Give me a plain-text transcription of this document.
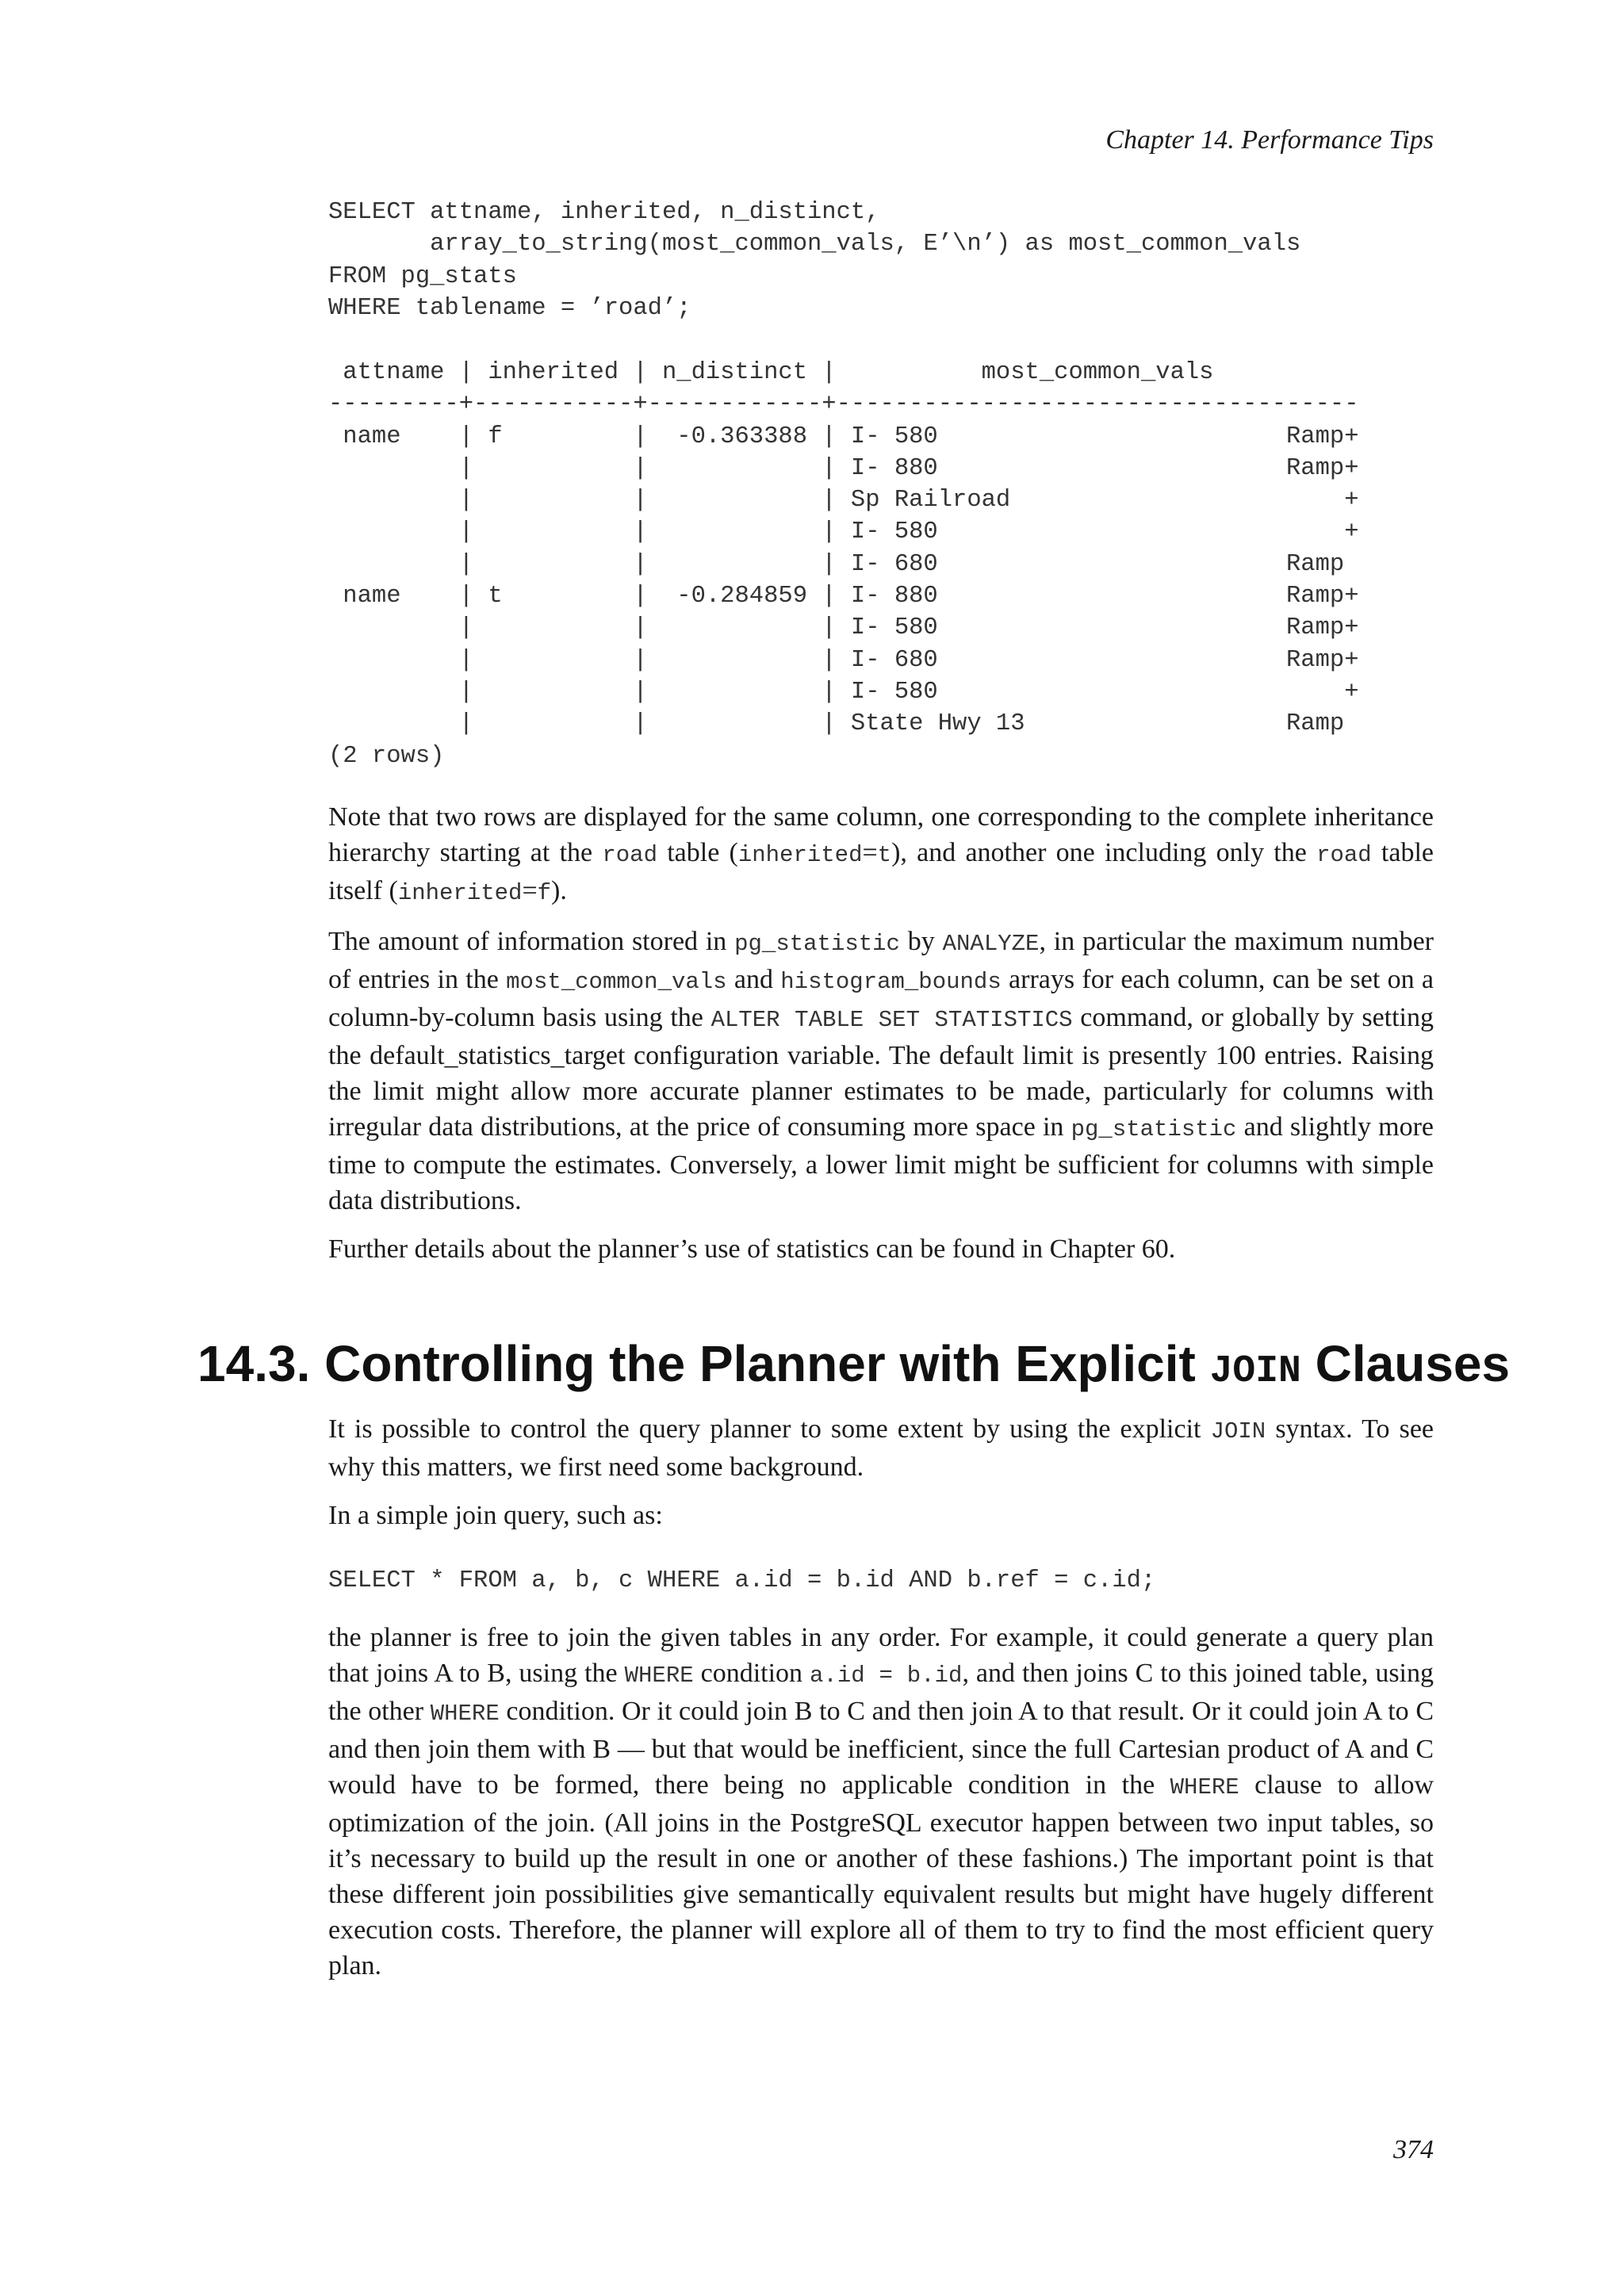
Chapter 14. Performance Tips
SELECT attname, inherited, n_distinct,
array_to_string(most_common_vals, E’\n’) as most_common_vals
FROM pg_stats
WHERE tablename = ’road’;
attname | inherited | n_distinct |          most_common_vals
---------+-----------+------------+------------------------------------
name    | f         |  -0.363388 | I- 580                        Ramp+
|           |            | I- 880                        Ramp+
|           |            | Sp Railroad                       +
|           |            | I- 580                            +
|           |            | I- 680                        Ramp
name    | t         |  -0.284859 | I- 880                        Ramp+
|           |            | I- 580                        Ramp+
|           |            | I- 680                        Ramp+
|           |            | I- 580                            +
|           |            | State Hwy 13                  Ramp
(2 rows)

Note that two rows are displayed for the same column, one corresponding to the complete inheritance hierarchy starting at the road table (inherited=t), and another one including only the road table itself (inherited=f).

The amount of information stored in pg_statistic by ANALYZE, in particular the maximum number of entries in the most_common_vals and histogram_bounds arrays for each column, can be set on a column-by-column basis using the ALTER TABLE SET STATISTICS command, or globally by setting the default_statistics_target configuration variable. The default limit is presently 100 entries. Raising the limit might allow more accurate planner estimates to be made, particularly for columns with irregular data distributions, at the price of consuming more space in pg_statistic and slightly more time to compute the estimates. Conversely, a lower limit might be sufficient for columns with simple data distributions.

Further details about the planner’s use of statistics can be found in Chapter 60.

14.3. Controlling the Planner with Explicit JOIN Clauses

It is possible to control the query planner to some extent by using the explicit JOIN syntax. To see why this matters, we first need some background.

In a simple join query, such as:

SELECT * FROM a, b, c WHERE a.id = b.id AND b.ref = c.id;

the planner is free to join the given tables in any order. For example, it could generate a query plan that joins A to B, using the WHERE condition a.id = b.id, and then joins C to this joined table, using the other WHERE condition. Or it could join B to C and then join A to that result. Or it could join A to C and then join them with B — but that would be inefficient, since the full Cartesian product of A and C would have to be formed, there being no applicable condition in the WHERE clause to allow optimization of the join. (All joins in the PostgreSQL executor happen between two input tables, so it’s necessary to build up the result in one or another of these fashions.) The important point is that these different join possibilities give semantically equivalent results but might have hugely different execution costs. Therefore, the planner will explore all of them to try to find the most efficient query plan.

374
